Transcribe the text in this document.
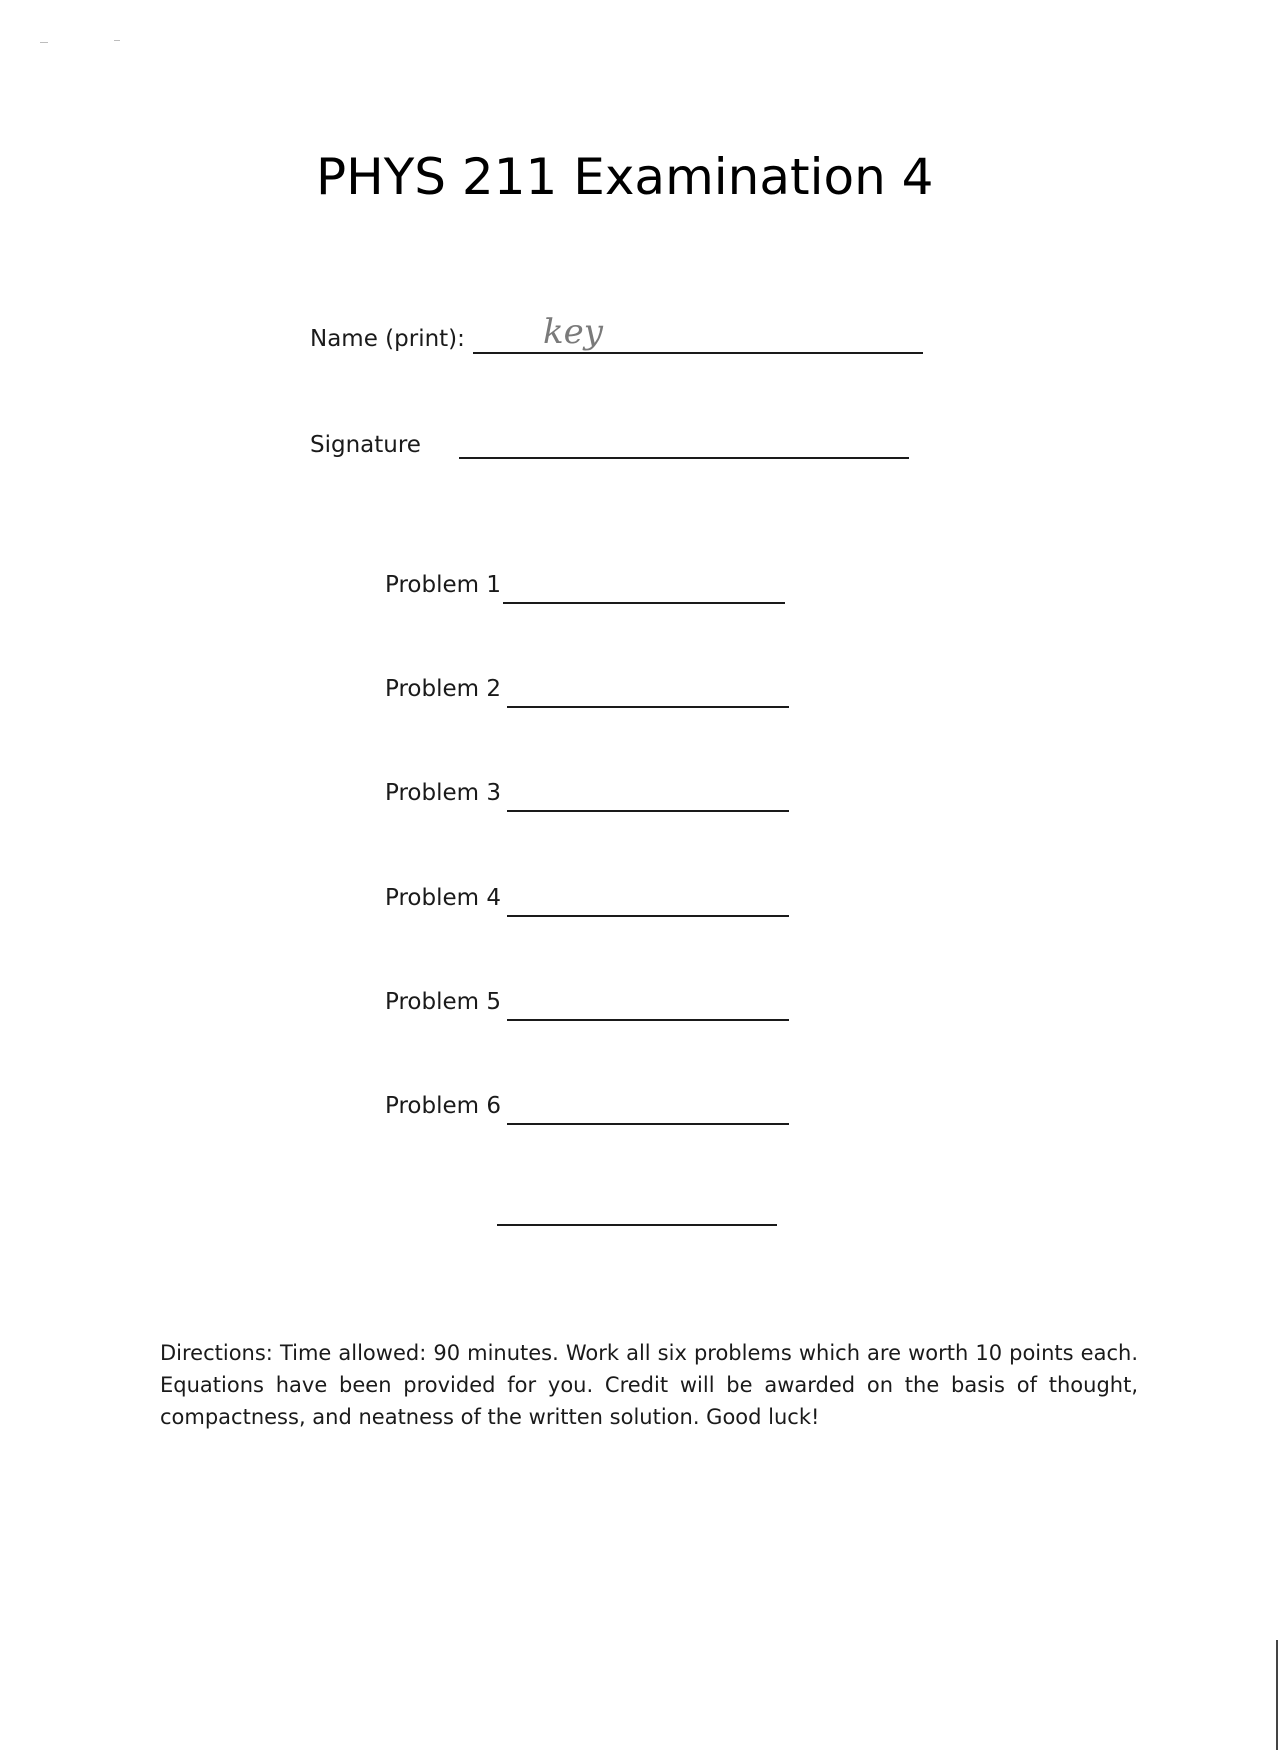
PHYS 211 Examination 4
Name (print): key
Signature
Problem 1
Problem 2
Problem 3
Problem 4
Problem 5
Problem 6
Directions: Time allowed: 90 minutes. Work all six problems which are worth 10 points each. Equations have been provided for you. Credit will be awarded on the basis of thought, compactness, and neatness of the written solution. Good luck!
